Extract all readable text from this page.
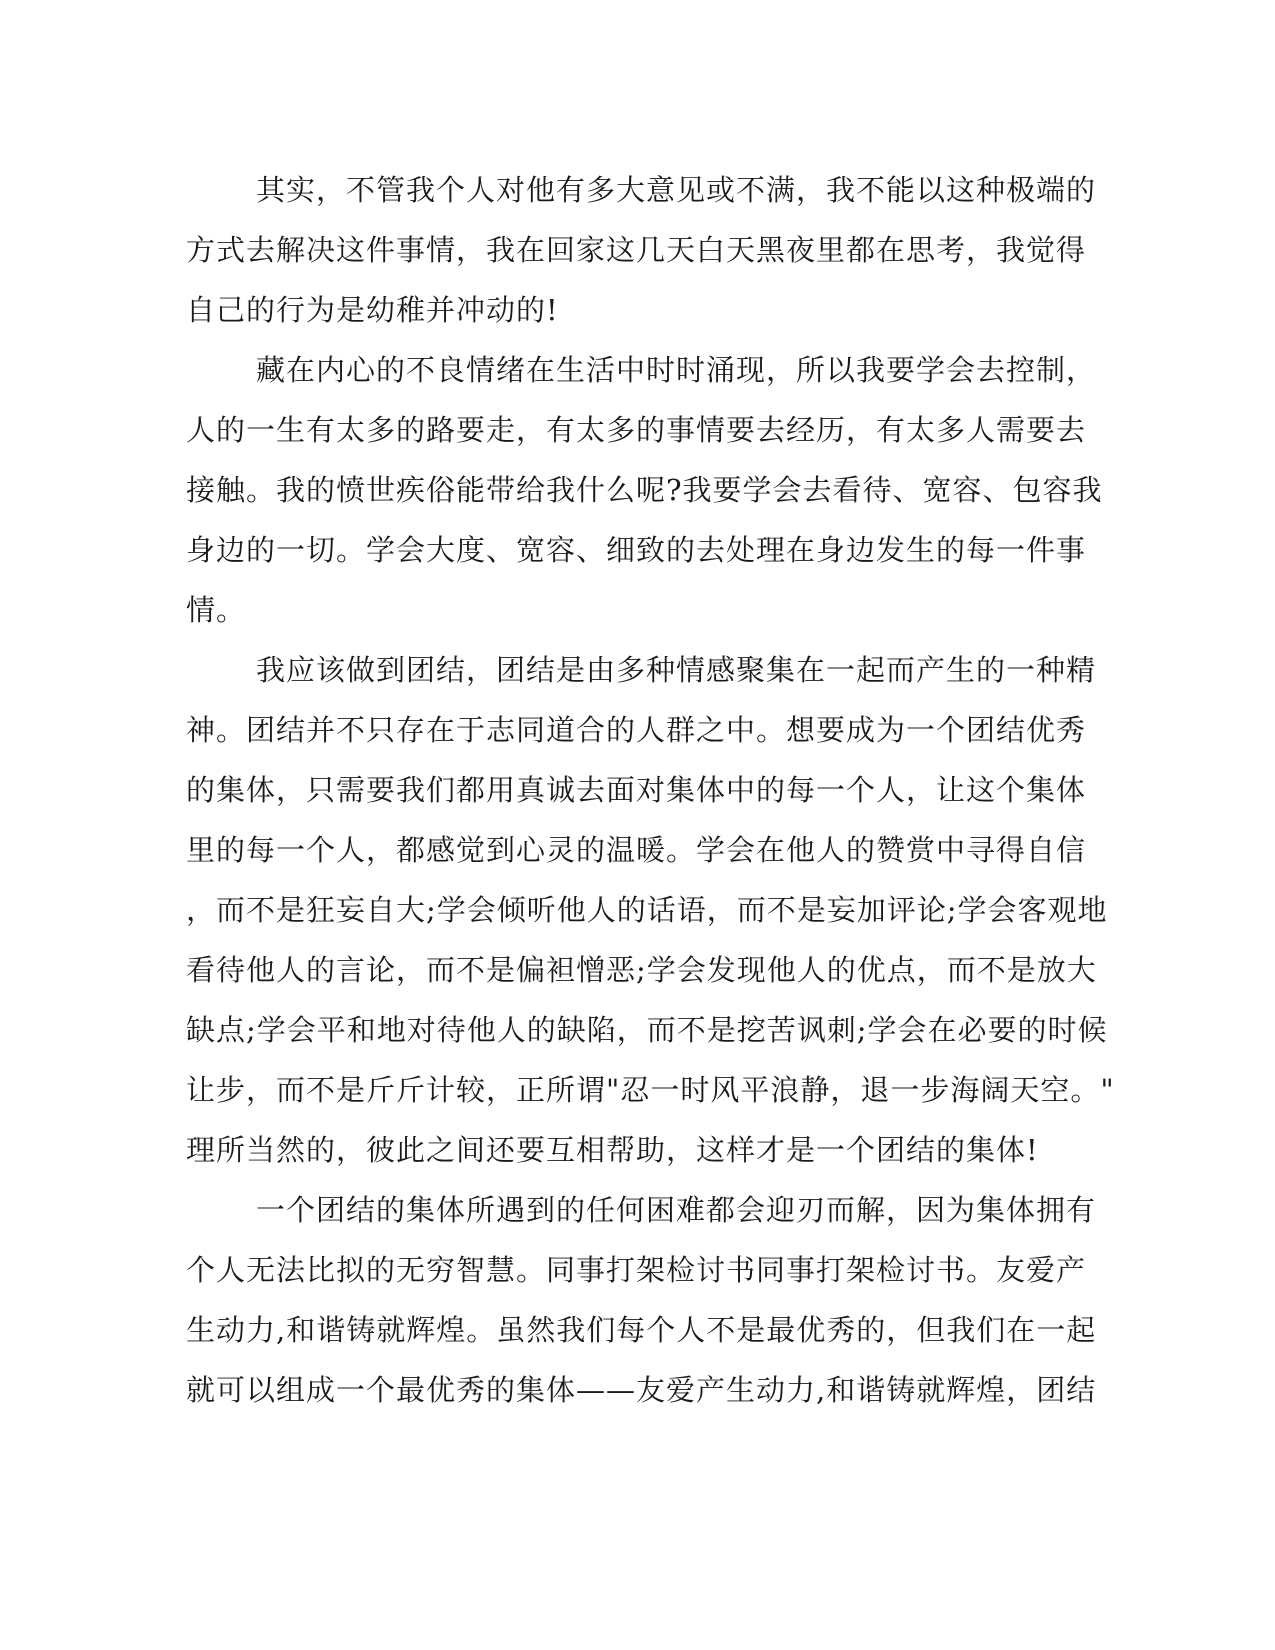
其实，不管我个人对他有多大意见或不满，我不能以这种极端的
方式去解决这件事情，我在回家这几天白天黑夜里都在思考，我觉得
自己的行为是幼稚并冲动的!
藏在内心的不良情绪在生活中时时涌现，所以我要学会去控制，
人的一生有太多的路要走，有太多的事情要去经历，有太多人需要去
接触。我的愤世疾俗能带给我什么呢?我要学会去看待、宽容、包容我
身边的一切。学会大度、宽容、细致的去处理在身边发生的每一件事
情。
我应该做到团结，团结是由多种情感聚集在一起而产生的一种精
神。团结并不只存在于志同道合的人群之中。想要成为一个团结优秀
的集体，只需要我们都用真诚去面对集体中的每一个人，让这个集体
里的每一个人，都感觉到心灵的温暖。学会在他人的赞赏中寻得自信
，而不是狂妄自大;学会倾听他人的话语，而不是妄加评论;学会客观地
看待他人的言论，而不是偏袒憎恶;学会发现他人的优点，而不是放大
缺点;学会平和地对待他人的缺陷，而不是挖苦讽刺;学会在必要的时候
让步，而不是斤斤计较，正所谓"忍一时风平浪静，退一步海阔天空。"
理所当然的，彼此之间还要互相帮助，这样才是一个团结的集体!
一个团结的集体所遇到的任何困难都会迎刃而解，因为集体拥有
个人无法比拟的无穷智慧。同事打架检讨书同事打架检讨书。友爱产
生动力,和谐铸就辉煌。虽然我们每个人不是最优秀的，但我们在一起
就可以组成一个最优秀的集体——友爱产生动力,和谐铸就辉煌，团结
